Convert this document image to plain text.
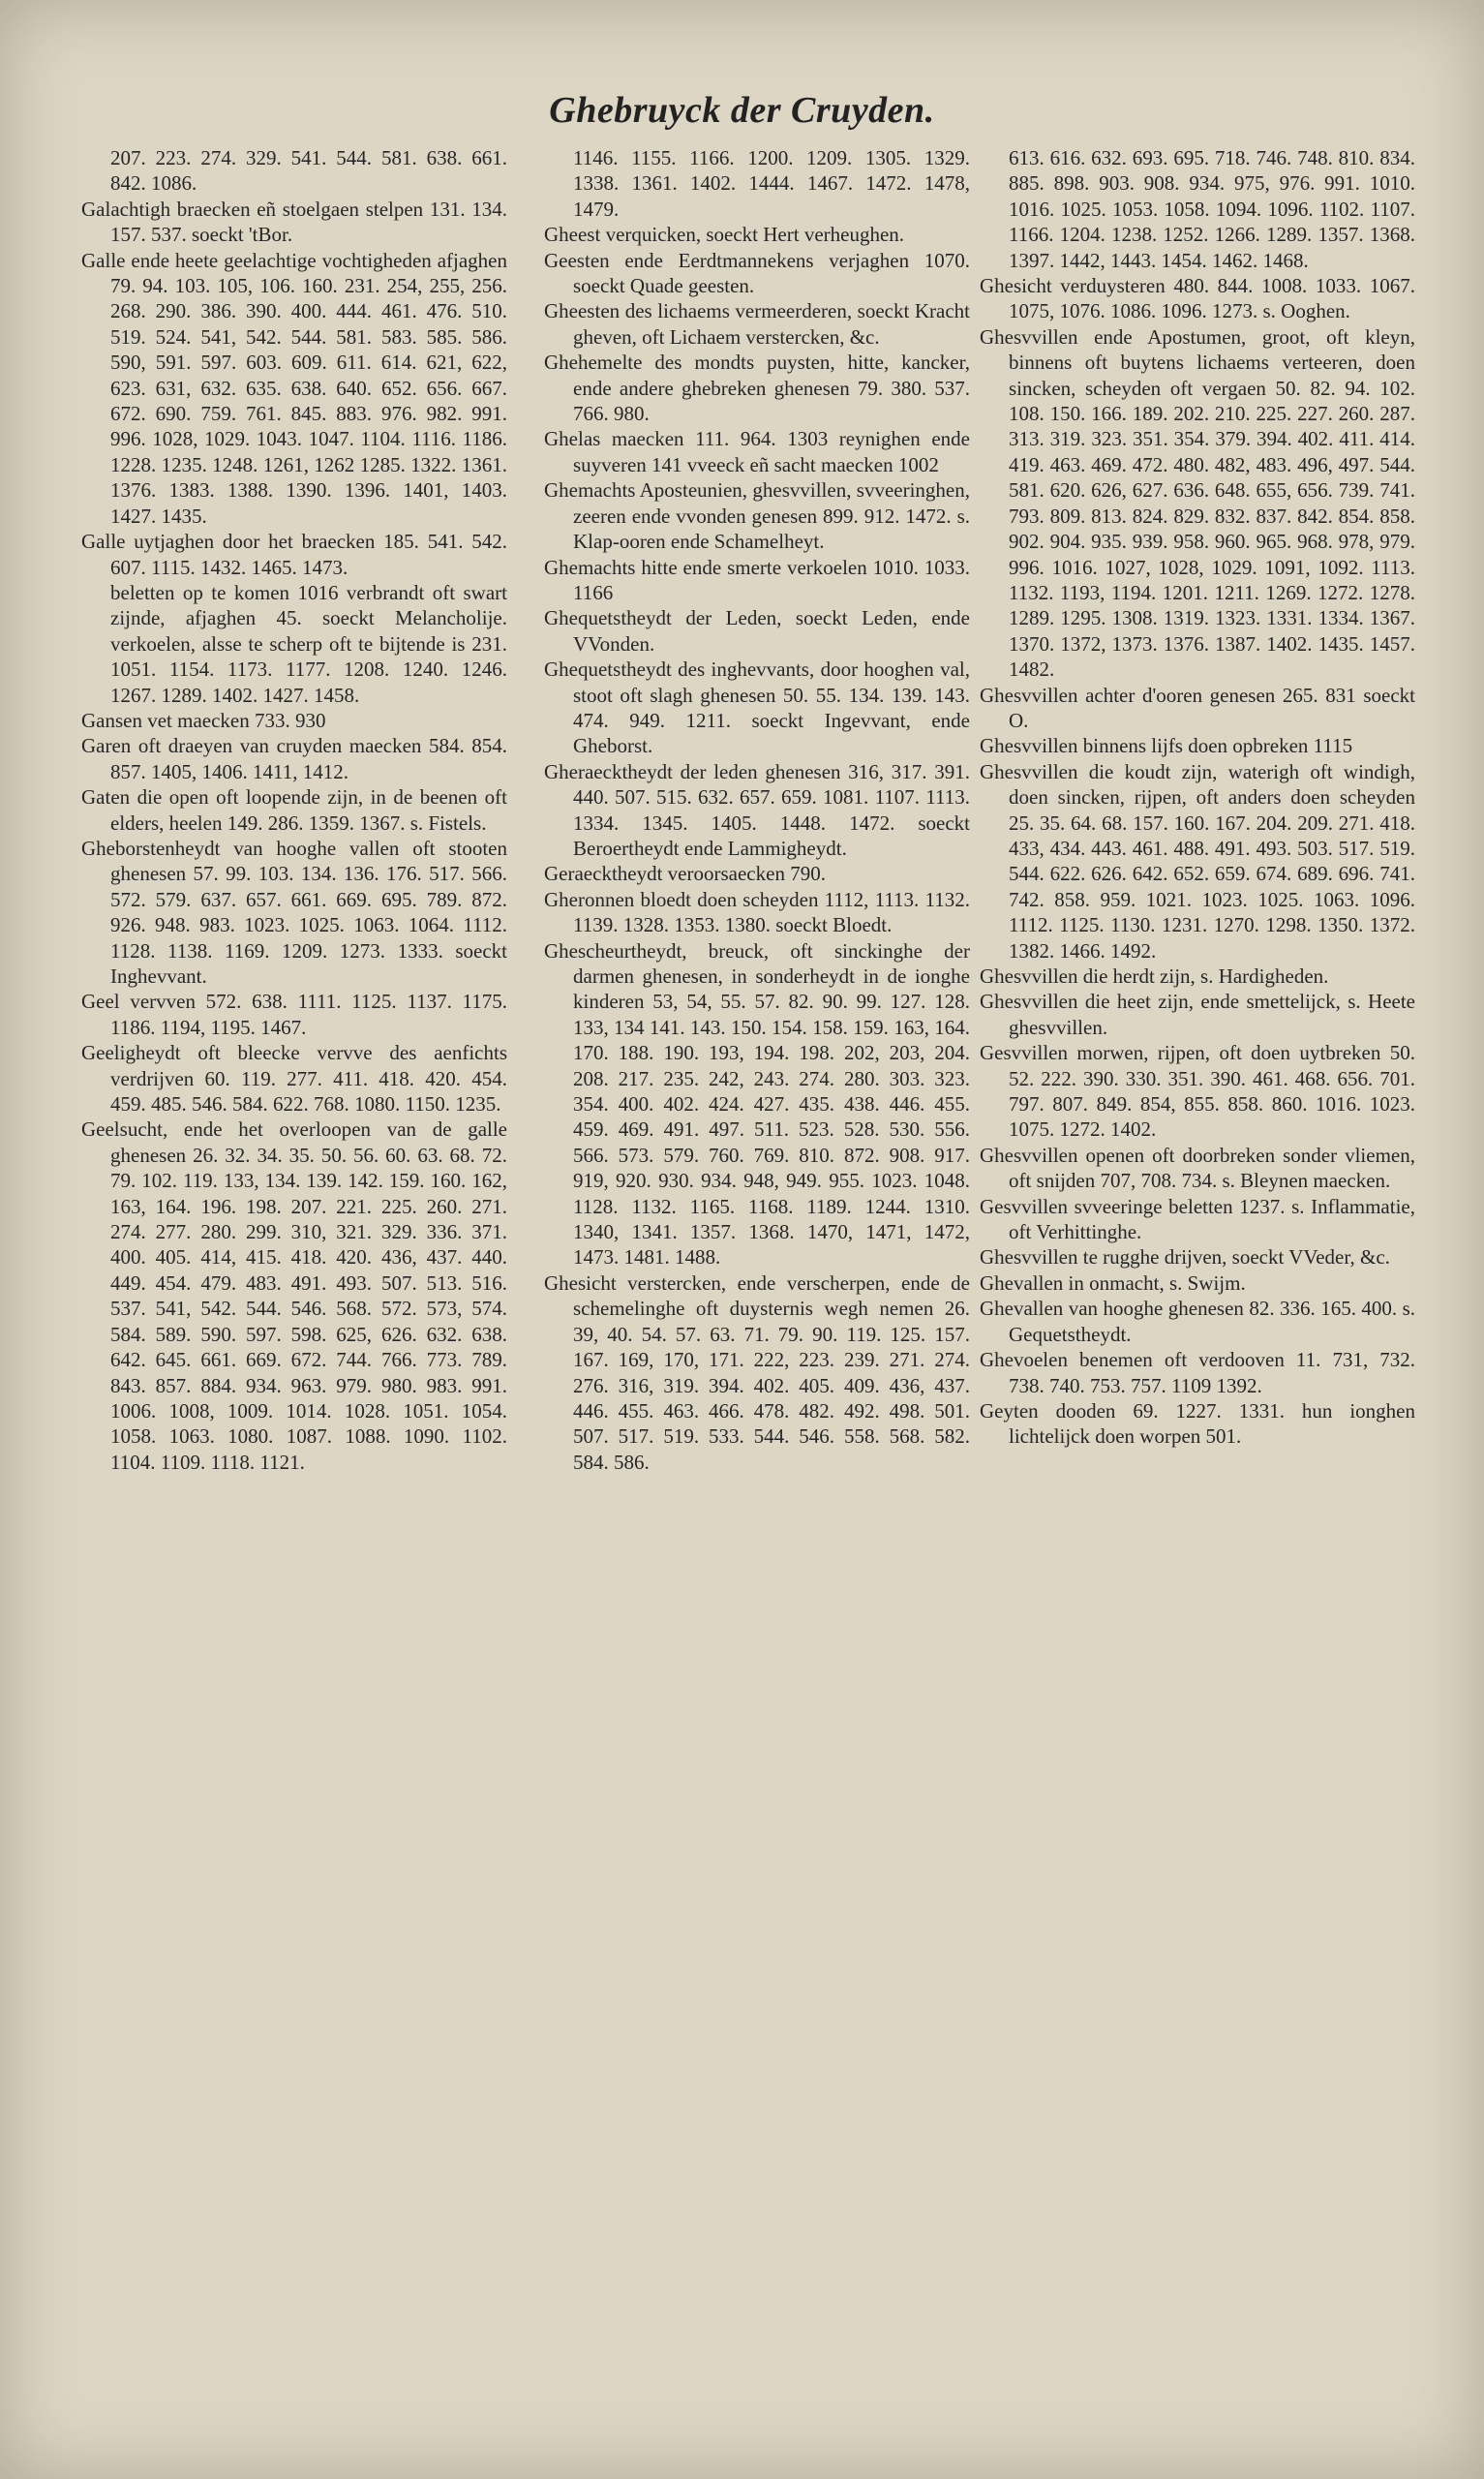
Ghebruyck der Cruyden.

207. 223. 274. 329. 541. 544. 581. 638. 661. 842. 1086.

Galachtigh braecken eñ stoelgaen stelpen 131. 134. 157. 537. soeckt 'tBor.

Galle ende heete geelachtige vochtigheden afjaghen 79. 94. 103. 105, 106. 160. 231. 254, 255, 256. 268. 290. 386. 390. 400. 444. 461. 476. 510. 519. 524. 541, 542. 544. 581. 583. 585. 586. 590, 591. 597. 603. 609. 611. 614. 621, 622, 623. 631, 632. 635. 638. 640. 652. 656. 667. 672. 690. 759. 761. 845. 883. 976. 982. 991. 996. 1028, 1029. 1043. 1047. 1104. 1116. 1186. 1228. 1235. 1248. 1261, 1262 1285. 1322. 1361. 1376. 1383. 1388. 1390. 1396. 1401, 1403. 1427. 1435.

Galle uytjaghen door het braecken 185. 541. 542. 607. 1115. 1432. 1465. 1473.

beletten op te komen 1016 verbrandt oft swart zijnde, afjaghen 45. soeckt Melancholije. verkoelen, alsse te scherp oft te bijtende is 231. 1051. 1154. 1173. 1177. 1208. 1240. 1246. 1267. 1289. 1402. 1427. 1458.

Gansen vet maecken 733. 930

Garen oft draeyen van cruyden maecken 584. 854. 857. 1405, 1406. 1411, 1412.

Gaten die open oft loopende zijn, in de beenen oft elders, heelen 149. 286. 1359. 1367. s. Fistels.

Gheborstenheydt van hooghe vallen oft stooten ghenesen 57. 99. 103. 134. 136. 176. 517. 566. 572. 579. 637. 657. 661. 669. 695. 789. 872. 926. 948. 983. 1023. 1025. 1063. 1064. 1112. 1128. 1138. 1169. 1209. 1273. 1333. soeckt Inghevvant.

Geel vervven 572. 638. 1111. 1125. 1137. 1175. 1186. 1194, 1195. 1467.

Geeligheydt oft bleecke vervve des aenfichts verdrijven 60. 119. 277. 411. 418. 420. 454. 459. 485. 546. 584. 622. 768. 1080. 1150. 1235.

Geelsucht, ende het overloopen van de galle ghenesen 26. 32. 34. 35. 50. 56. 60. 63. 68. 72. 79. 102. 119. 133, 134. 139. 142. 159. 160. 162, 163, 164. 196. 198. 207. 221. 225. 260. 271. 274. 277. 280. 299. 310, 321. 329. 336. 371. 400. 405. 414, 415. 418. 420. 436, 437. 440. 449. 454. 479. 483. 491. 493. 507. 513. 516. 537. 541, 542. 544. 546. 568. 572. 573, 574. 584. 589. 590. 597. 598. 625, 626. 632. 638. 642. 645. 661. 669. 672. 744. 766. 773. 789. 843. 857. 884. 934. 963. 979. 980. 983. 991. 1006. 1008, 1009. 1014. 1028. 1051. 1054. 1058. 1063. 1080. 1087. 1088. 1090. 1102. 1104. 1109. 1118. 1121.

1146. 1155. 1166. 1200. 1209. 1305. 1329. 1338. 1361. 1402. 1444. 1467. 1472. 1478, 1479.

Gheest verquicken, soeckt Hert verheughen.

Geesten ende Eerdtmannekens verjaghen 1070. soeckt Quade geesten.

Gheesten des lichaems vermeerderen, soeckt Kracht gheven, oft Lichaem verstercken, &c.

Ghehemelte des mondts puysten, hitte, kancker, ende andere ghebreken ghenesen 79. 380. 537. 766. 980.

Ghelas maecken 111. 964. 1303 reynighen ende suyveren 141 vveeck eñ sacht maecken 1002

Ghemachts Aposteunien, ghesvvillen, svveeringhen, zeeren ende vvonden genesen 899. 912. 1472. s. Klap-ooren ende Schamelheyt.

Ghemachts hitte ende smerte verkoelen 1010. 1033. 1166

Ghequetstheydt der Leden, soeckt Leden, ende VVonden.

Ghequetstheydt des inghevvants, door hooghen val, stoot oft slagh ghenesen 50. 55. 134. 139. 143. 474. 949. 1211. soeckt Ingevvant, ende Gheborst.

Gheraecktheydt der leden ghenesen 316, 317. 391. 440. 507. 515. 632. 657. 659. 1081. 1107. 1113. 1334. 1345. 1405. 1448. 1472. soeckt Beroertheydt ende Lammigheydt.

Geraecktheydt veroorsaecken 790.

Gheronnen bloedt doen scheyden 1112, 1113. 1132. 1139. 1328. 1353. 1380. soeckt Bloedt.

Ghescheurtheydt, breuck, oft sinckinghe der darmen ghenesen, in sonderheydt in de ionghe kinderen 53, 54, 55. 57. 82. 90. 99. 127. 128. 133, 134 141. 143. 150. 154. 158. 159. 163, 164. 170. 188. 190. 193, 194. 198. 202, 203, 204. 208. 217. 235. 242, 243. 274. 280. 303. 323. 354. 400. 402. 424. 427. 435. 438. 446. 455. 459. 469. 491. 497. 511. 523. 528. 530. 556. 566. 573. 579. 760. 769. 810. 872. 908. 917. 919, 920. 930. 934. 948, 949. 955. 1023. 1048. 1128. 1132. 1165. 1168. 1189. 1244. 1310. 1340, 1341. 1357. 1368. 1470, 1471, 1472, 1473. 1481. 1488.

Ghesicht verstercken, ende verscherpen, ende de schemelinghe oft duysternis wegh nemen 26. 39, 40. 54. 57. 63. 71. 79. 90. 119. 125. 157. 167. 169, 170, 171. 222, 223. 239. 271. 274. 276. 316, 319. 394. 402. 405. 409. 436, 437. 446. 455. 463. 466. 478. 482. 492. 498. 501. 507. 517. 519. 533. 544. 546. 558. 568. 582. 584. 586.

613. 616. 632. 693. 695. 718. 746. 748. 810. 834. 885. 898. 903. 908. 934. 975, 976. 991. 1010. 1016. 1025. 1053. 1058. 1094. 1096. 1102. 1107. 1166. 1204. 1238. 1252. 1266. 1289. 1357. 1368. 1397. 1442, 1443. 1454. 1462. 1468.

Ghesicht verduysteren 480. 844. 1008. 1033. 1067. 1075, 1076. 1086. 1096. 1273. s. Ooghen.

Ghesvvillen ende Apostumen, groot, oft kleyn, binnens oft buytens lichaems verteeren, doen sincken, scheyden oft vergaen 50. 82. 94. 102. 108. 150. 166. 189. 202. 210. 225. 227. 260. 287. 313. 319. 323. 351. 354. 379. 394. 402. 411. 414. 419. 463. 469. 472. 480. 482, 483. 496, 497. 544. 581. 620. 626, 627. 636. 648. 655, 656. 739. 741. 793. 809. 813. 824. 829. 832. 837. 842. 854. 858. 902. 904. 935. 939. 958. 960. 965. 968. 978, 979. 996. 1016. 1027, 1028, 1029. 1091, 1092. 1113. 1132. 1193, 1194. 1201. 1211. 1269. 1272. 1278. 1289. 1295. 1308. 1319. 1323. 1331. 1334. 1367. 1370. 1372, 1373. 1376. 1387. 1402. 1435. 1457. 1482.

Ghesvvillen achter d'ooren genesen 265. 831 soeckt O.

Ghesvvillen binnens lijfs doen opbreken 1115

Ghesvvillen die koudt zijn, waterigh oft windigh, doen sincken, rijpen, oft anders doen scheyden 25. 35. 64. 68. 157. 160. 167. 204. 209. 271. 418. 433, 434. 443. 461. 488. 491. 493. 503. 517. 519. 544. 622. 626. 642. 652. 659. 674. 689. 696. 741. 742. 858. 959. 1021. 1023. 1025. 1063. 1096. 1112. 1125. 1130. 1231. 1270. 1298. 1350. 1372. 1382. 1466. 1492.

Ghesvvillen die herdt zijn, s. Hardigheden.

Ghesvvillen die heet zijn, ende smettelijck, s. Heete ghesvvillen.

Gesvvillen morwen, rijpen, oft doen uytbreken 50. 52. 222. 390. 330. 351. 390. 461. 468. 656. 701. 797. 807. 849. 854, 855. 858. 860. 1016. 1023. 1075. 1272. 1402.

Ghesvvillen openen oft doorbreken sonder vliemen, oft snijden 707, 708. 734. s. Bleynen maecken.

Gesvvillen svveeringe beletten 1237. s. Inflammatie, oft Verhittinghe.

Ghesvvillen te rugghe drijven, soeckt VVeder, &c.

Ghevallen in onmacht, s. Swijm.

Ghevallen van hooghe ghenesen 82. 336. 165. 400. s. Gequetstheydt.

Ghevoelen benemen oft verdooven 11. 731, 732. 738. 740. 753. 757. 1109 1392.

Geyten dooden 69. 1227. 1331. hun ionghen lichtelijck doen worpen 501.
